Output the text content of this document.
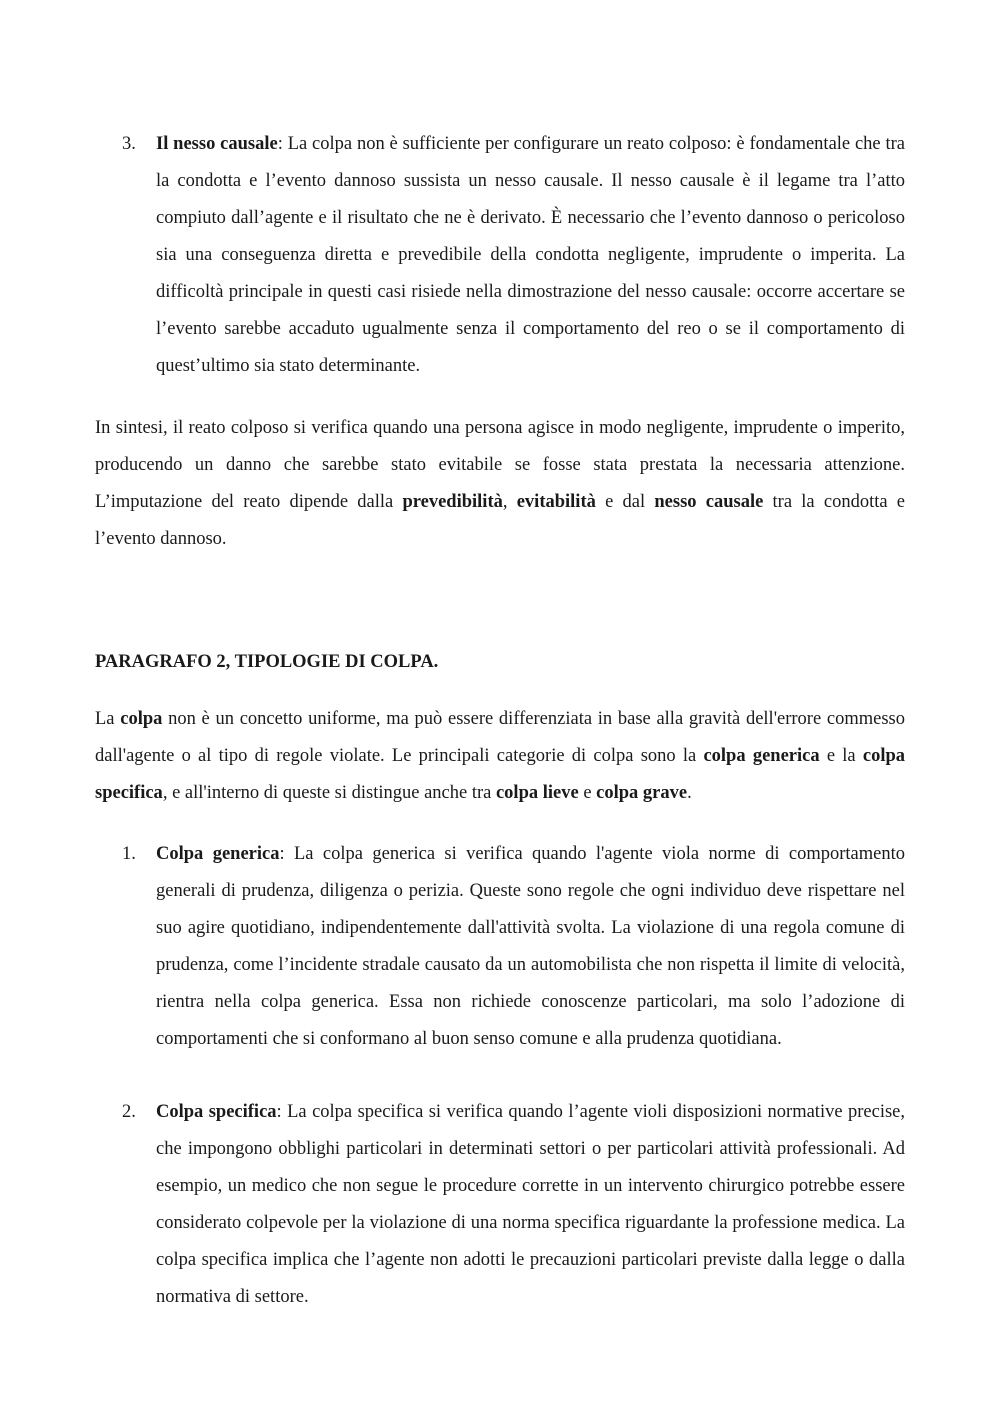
3. Il nesso causale: La colpa non è sufficiente per configurare un reato colposo: è fondamentale che tra la condotta e l’evento dannoso sussista un nesso causale. Il nesso causale è il legame tra l’atto compiuto dall’agente e il risultato che ne è derivato. È necessario che l’evento dannoso o pericoloso sia una conseguenza diretta e prevedibile della condotta negligente, imprudente o imperita. La difficoltà principale in questi casi risiede nella dimostrazione del nesso causale: occorre accertare se l’evento sarebbe accaduto ugualmente senza il comportamento del reo o se il comportamento di quest’ultimo sia stato determinante.

In sintesi, il reato colposo si verifica quando una persona agisce in modo negligente, imprudente o imperito, producendo un danno che sarebbe stato evitabile se fosse stata prestata la necessaria attenzione. L’imputazione del reato dipende dalla prevedibilità, evitabilità e dal nesso causale tra la condotta e l’evento dannoso.

PARAGRAFO 2, TIPOLOGIE DI COLPA.

La colpa non è un concetto uniforme, ma può essere differenziata in base alla gravità dell'errore commesso dall'agente o al tipo di regole violate. Le principali categorie di colpa sono la colpa generica e la colpa specifica, e all'interno di queste si distingue anche tra colpa lieve e colpa grave.

1. Colpa generica: La colpa generica si verifica quando l'agente viola norme di comportamento generali di prudenza, diligenza o perizia. Queste sono regole che ogni individuo deve rispettare nel suo agire quotidiano, indipendentemente dall'attività svolta. La violazione di una regola comune di prudenza, come l’incidente stradale causato da un automobilista che non rispetta il limite di velocità, rientra nella colpa generica. Essa non richiede conoscenze particolari, ma solo l’adozione di comportamenti che si conformano al buon senso comune e alla prudenza quotidiana.
2. Colpa specifica: La colpa specifica si verifica quando l’agente violi disposizioni normative precise, che impongono obblighi particolari in determinati settori o per particolari attività professionali. Ad esempio, un medico che non segue le procedure corrette in un intervento chirurgico potrebbe essere considerato colpevole per la violazione di una norma specifica riguardante la professione medica. La colpa specifica implica che l’agente non adotti le precauzioni particolari previste dalla legge o dalla normativa di settore.
